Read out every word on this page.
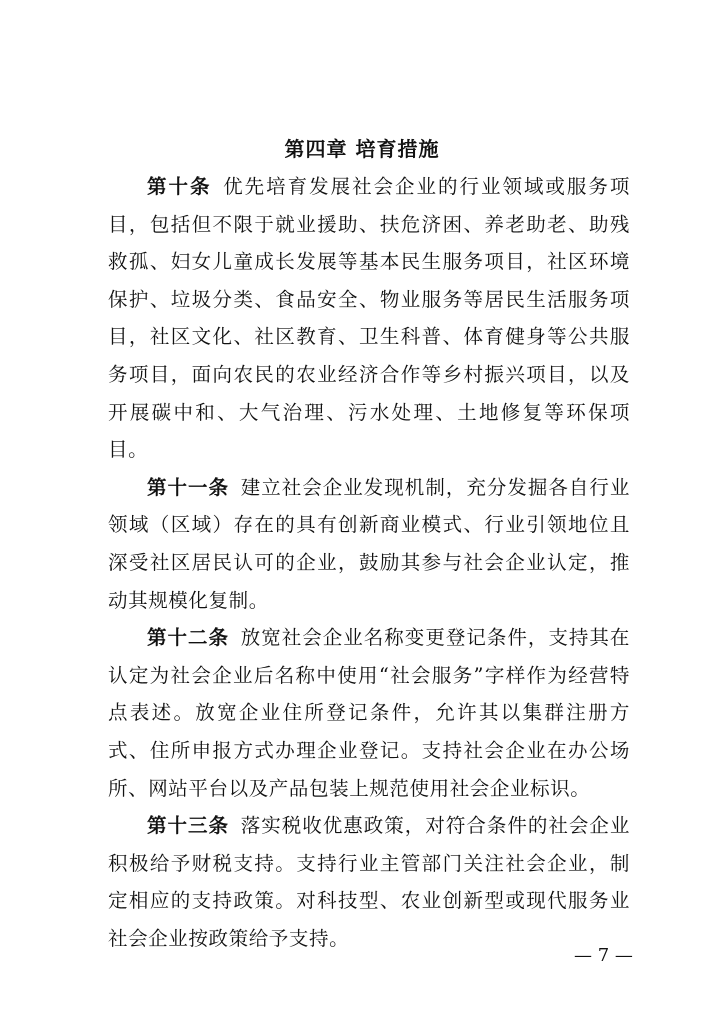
第四章 培育措施

第十条 优先培育发展社会企业的行业领域或服务项目，包括但不限于就业援助、扶危济困、养老助老、助残救孤、妇女儿童成长发展等基本民生服务项目，社区环境保护、垃圾分类、食品安全、物业服务等居民生活服务项目，社区文化、社区教育、卫生科普、体育健身等公共服务项目，面向农民的农业经济合作等乡村振兴项目，以及开展碳中和、大气治理、污水处理、土地修复等环保项目。

第十一条 建立社会企业发现机制，充分发掘各自行业领域（区域）存在的具有创新商业模式、行业引领地位且深受社区居民认可的企业，鼓励其参与社会企业认定，推动其规模化复制。

第十二条 放宽社会企业名称变更登记条件，支持其在认定为社会企业后名称中使用“社会服务”字样作为经营特点表述。放宽企业住所登记条件，允许其以集群注册方式、住所申报方式办理企业登记。支持社会企业在办公场所、网站平台以及产品包装上规范使用社会企业标识。

第十三条 落实税收优惠政策，对符合条件的社会企业积极给予财税支持。支持行业主管部门关注社会企业，制定相应的支持政策。对科技型、农业创新型或现代服务业社会企业按政策给予支持。

— 7 —
